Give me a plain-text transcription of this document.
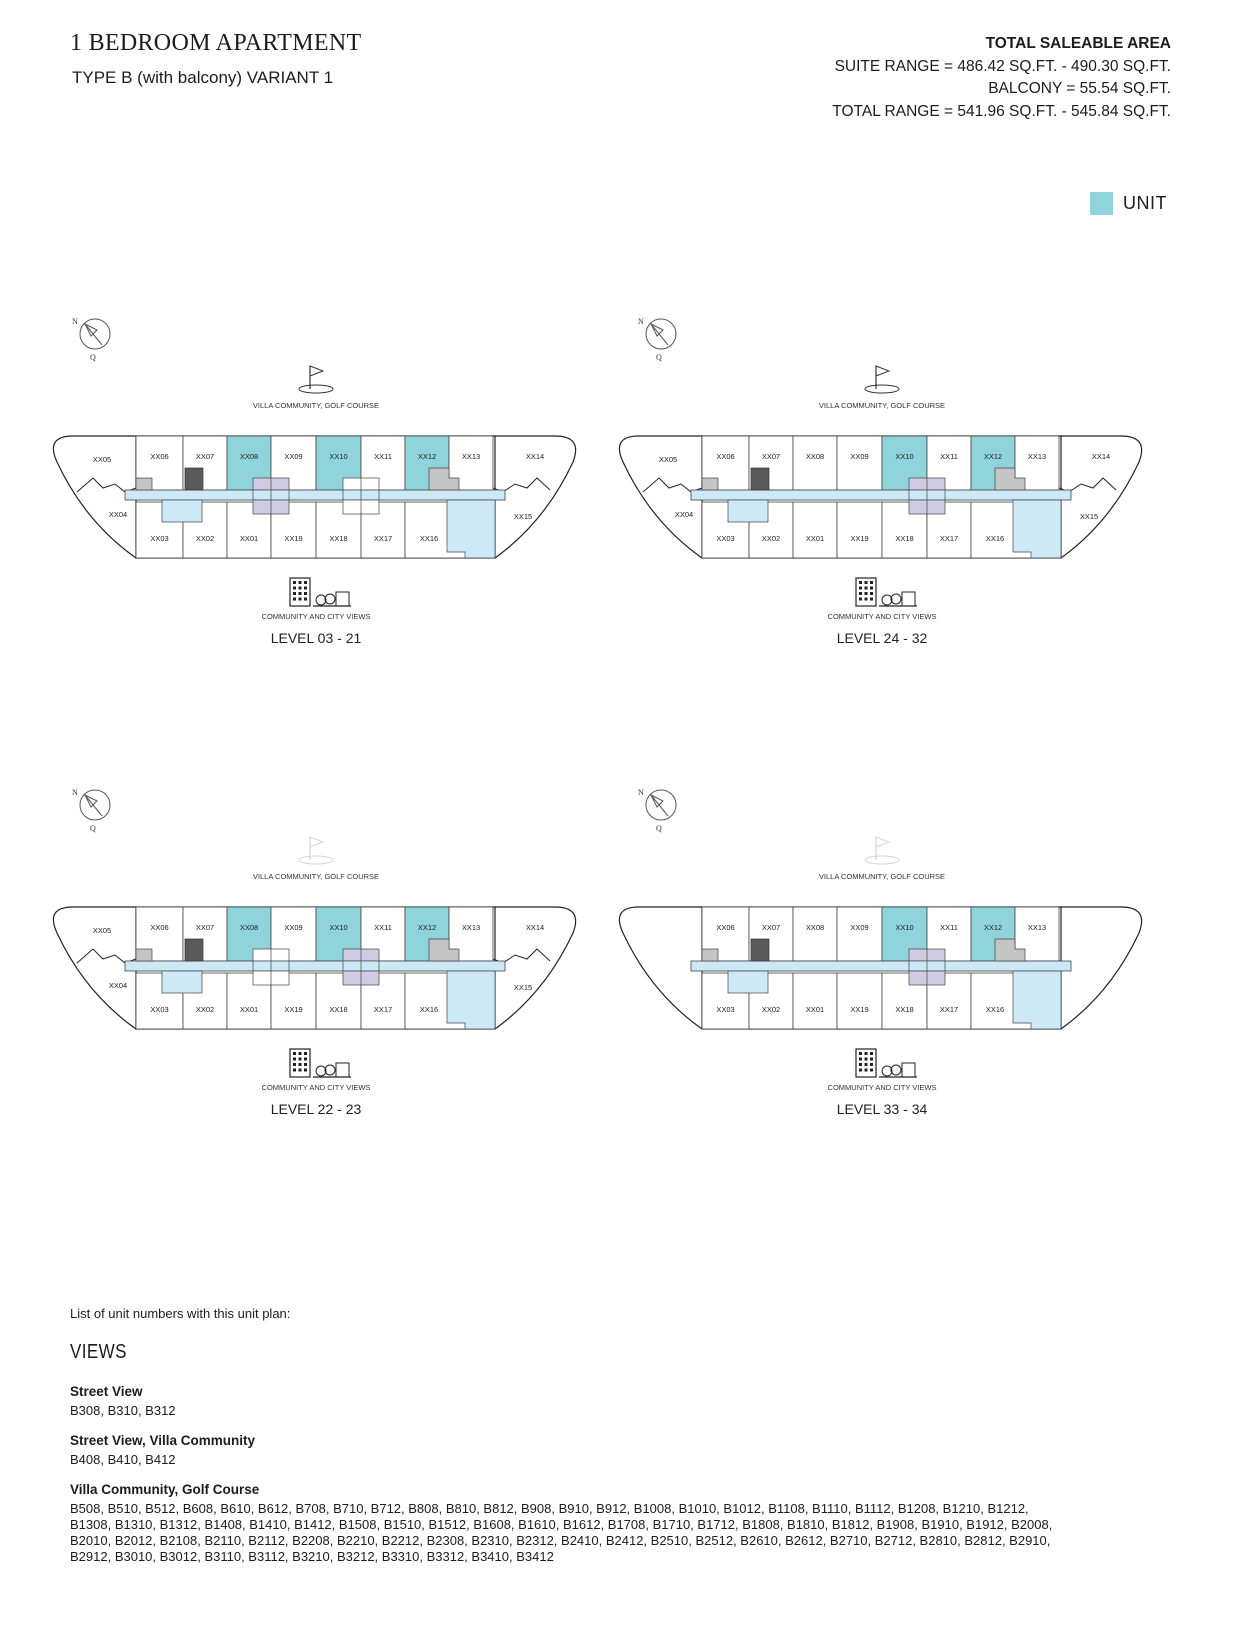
1 BEDROOM APARTMENT
TYPE B (with balcony) VARIANT 1
TOTAL SALEABLE AREA
SUITE RANGE = 486.42 SQ.FT. - 490.30 SQ.FT.
BALCONY = 55.54 SQ.FT.
TOTAL RANGE = 541.96 SQ.FT. - 545.84 SQ.FT.
UNIT
N
Q
VILLA COMMUNITY, GOLF COURSE
XX06	XX07	XX08	XX09	XX10	XX11	XX12	XX13
XX03	XX02	XX01	XX19	XX18	XX17	XX16
XX05	XX14
XX04	XX15
COMMUNITY AND CITY VIEWS
LEVEL 03 - 21
N
Q
VILLA COMMUNITY, GOLF COURSE
XX06	XX07	XX08	XX09	XX10	XX11	XX12	XX13
XX03	XX02	XX01	XX19	XX18	XX17	XX16
XX05	XX14
XX04	XX15
COMMUNITY AND CITY VIEWS
LEVEL 24 - 32
N
Q
VILLA COMMUNITY, GOLF COURSE
XX06	XX07	XX08	XX09	XX10	XX11	XX12	XX13
XX03	XX02	XX01	XX19	XX18	XX17	XX16
XX05	XX14
XX04	XX15
COMMUNITY AND CITY VIEWS
LEVEL 22 - 23
N
Q
VILLA COMMUNITY, GOLF COURSE
XX06	XX07	XX08	XX09	XX10	XX11	XX12	XX13
XX03	XX02	XX01	XX19	XX18	XX17	XX16
COMMUNITY AND CITY VIEWS
LEVEL 33 - 34
List of unit numbers with this unit plan:
VIEWS
Street View
B308, B310, B312
Street View, Villa Community
B408, B410, B412
Villa Community, Golf Course
B508, B510, B512, B608, B610, B612, B708, B710, B712, B808, B810, B812, B908, B910, B912, B1008, B1010, B1012, B1108, B1110, B1112, B1208, B1210, B1212, B1308, B1310, B1312, B1408, B1410, B1412, B1508, B1510, B1512, B1608, B1610, B1612, B1708, B1710, B1712, B1808, B1810, B1812, B1908, B1910, B1912, B2008, B2010, B2012, B2108, B2110, B2112, B2208, B2210, B2212, B2308, B2310, B2312, B2410, B2412, B2510, B2512, B2610, B2612, B2710, B2712, B2810, B2812, B2910, B2912, B3010, B3012, B3110, B3112, B3210, B3212, B3310, B3312, B3410, B3412
